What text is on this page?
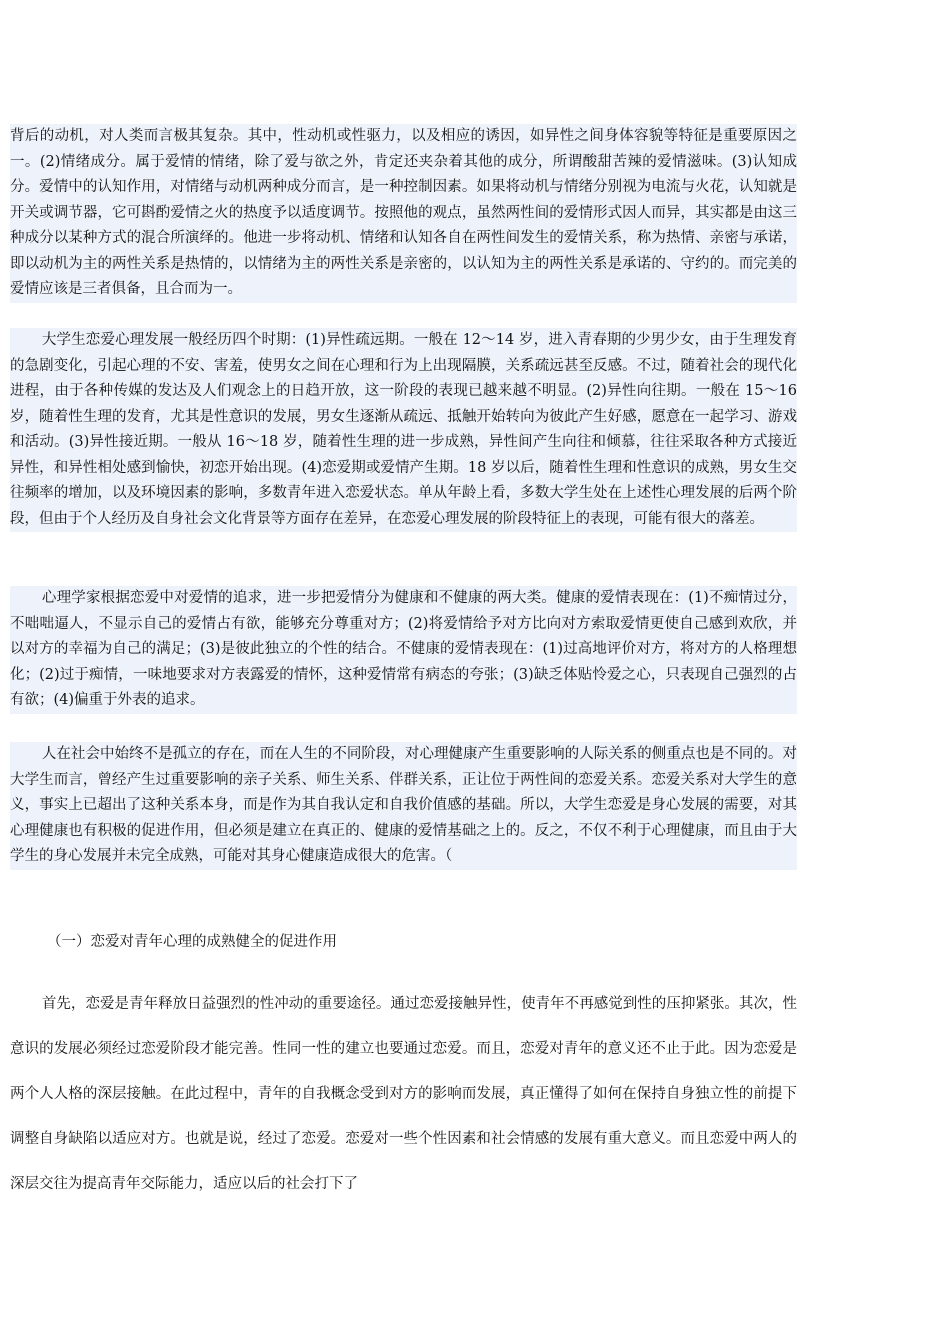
背后的动机，对人类而言极其复杂。其中，性动机或性驱力，以及相应的诱因，如异性之间身体容貌等特征是重要原因之一。(2)情绪成分。属于爱情的情绪，除了爱与欲之外，肯定还夹杂着其他的成分，所谓酸甜苦辣的爱情滋味。(3)认知成分。爱情中的认知作用，对情绪与动机两种成分而言，是一种控制因素。如果将动机与情绪分别视为电流与火花，认知就是开关或调节器，它可斟酌爱情之火的热度予以适度调节。按照他的观点，虽然两性间的爱情形式因人而异，其实都是由这三种成分以某种方式的混合所演绎的。他进一步将动机、情绪和认知各自在两性间发生的爱情关系，称为热情、亲密与承诺，即以动机为主的两性关系是热情的，以情绪为主的两性关系是亲密的，以认知为主的两性关系是承诺的、守约的。而完美的爱情应该是三者俱备，且合而为一。

大学生恋爱心理发展一般经历四个时期：(1)异性疏远期。一般在 12～14 岁，进入青春期的少男少女，由于生理发育的急剧变化，引起心理的不安、害羞，使男女之间在心理和行为上出现隔膜，关系疏远甚至反感。不过，随着社会的现代化进程，由于各种传媒的发达及人们观念上的日趋开放，这一阶段的表现已越来越不明显。(2)异性向往期。一般在 15～16 岁，随着性生理的发育，尤其是性意识的发展，男女生逐渐从疏远、抵触开始转向为彼此产生好感，愿意在一起学习、游戏和活动。(3)异性接近期。一般从 16～18 岁，随着性生理的进一步成熟，异性间产生向往和倾慕，往往采取各种方式接近异性，和异性相处感到愉快，初恋开始出现。(4)恋爱期或爱情产生期。18 岁以后，随着性生理和性意识的成熟，男女生交往频率的增加，以及环境因素的影响，多数青年进入恋爱状态。单从年龄上看，多数大学生处在上述性心理发展的后两个阶段，但由于个人经历及自身社会文化背景等方面存在差异，在恋爱心理发展的阶段特征上的表现，可能有很大的落差。

心理学家根据恋爱中对爱情的追求，进一步把爱情分为健康和不健康的两大类。健康的爱情表现在：(1)不痴情过分，不咄咄逼人，不显示自己的爱情占有欲，能够充分尊重对方；(2)将爱情给予对方比向对方索取爱情更使自己感到欢欣，并以对方的幸福为自己的满足；(3)是彼此独立的个性的结合。不健康的爱情表现在：(1)过高地评价对方，将对方的人格理想化；(2)过于痴情，一味地要求对方表露爱的情怀，这种爱情常有病态的夸张；(3)缺乏体贴怜爱之心，只表现自己强烈的占有欲；(4)偏重于外表的追求。

人在社会中始终不是孤立的存在，而在人生的不同阶段，对心理健康产生重要影响的人际关系的侧重点也是不同的。对大学生而言，曾经产生过重要影响的亲子关系、师生关系、伴群关系，正让位于两性间的恋爱关系。恋爱关系对大学生的意义，事实上已超出了这种关系本身，而是作为其自我认定和自我价值感的基础。所以，大学生恋爱是身心发展的需要，对其心理健康也有积极的促进作用，但必须是建立在真正的、健康的爱情基础之上的。反之，不仅不利于心理健康，而且由于大学生的身心发展并未完全成熟，可能对其身心健康造成很大的危害。（

（一）恋爱对青年心理的成熟健全的促进作用

首先，恋爱是青年释放日益强烈的性冲动的重要途径。通过恋爱接触异性，使青年不再感觉到性的压抑紧张。其次，性意识的发展必须经过恋爱阶段才能完善。性同一性的建立也要通过恋爱。而且，恋爱对青年的意义还不止于此。因为恋爱是两个人人格的深层接触。在此过程中，青年的自我概念受到对方的影响而发展，真正懂得了如何在保持自身独立性的前提下调整自身缺陷以适应对方。也就是说，经过了恋爱。恋爱对一些个性因素和社会情感的发展有重大意义。而且恋爱中两人的深层交往为提高青年交际能力，适应以后的社会打下了
